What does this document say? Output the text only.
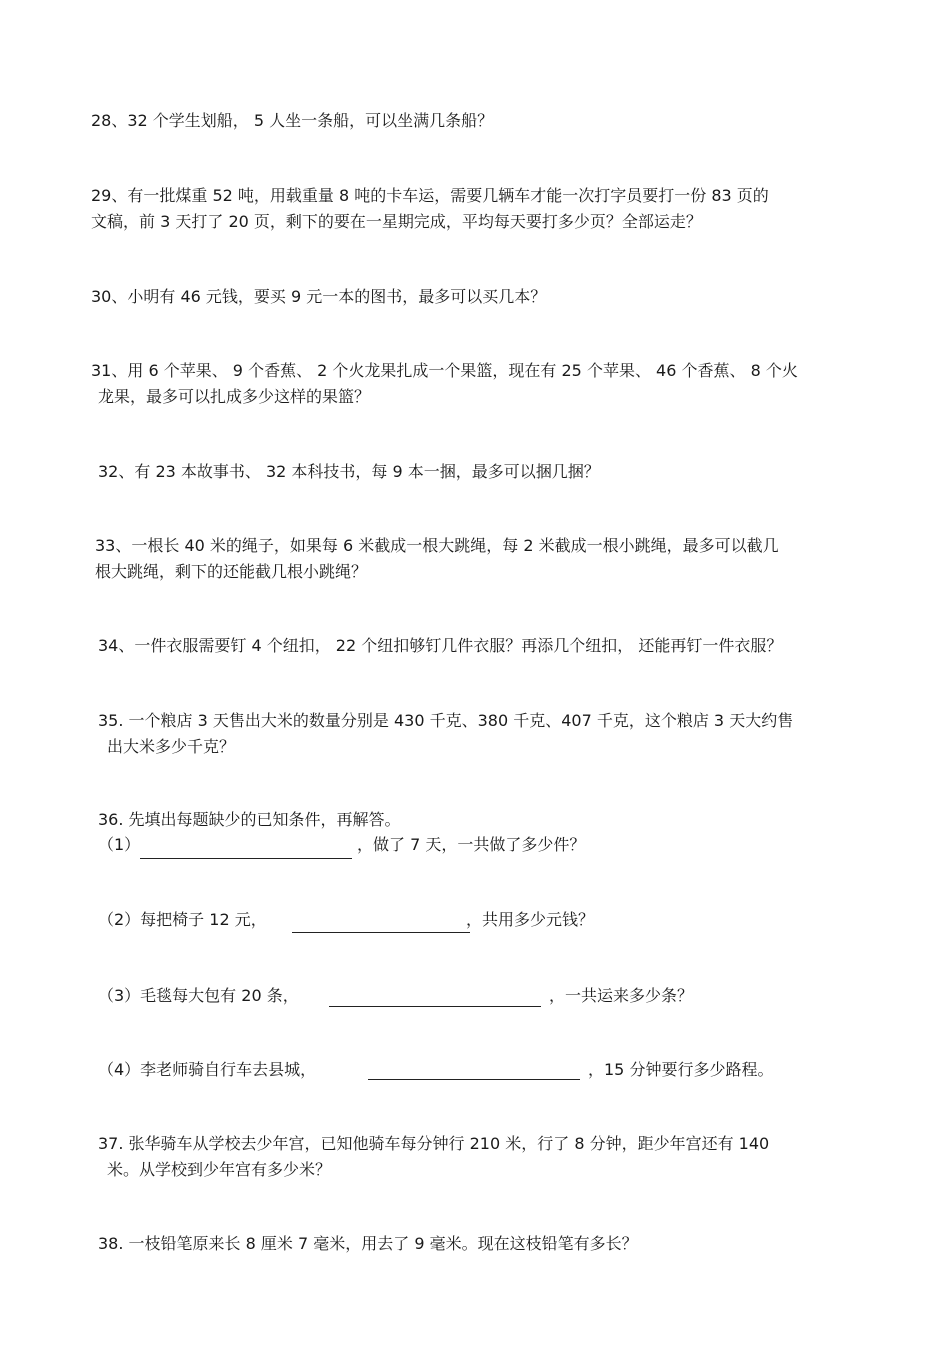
28、32 个学生划船， 5 人坐一条船，可以坐满几条船？
29、有一批煤重 52 吨，用载重量 8 吨的卡车运，需要几辆车才能一次打字员要打一份 83 页的
文稿，前 3 天打了 20 页，剩下的要在一星期完成，平均每天要打多少页？全部运走？
30、小明有 46 元钱，要买 9 元一本的图书，最多可以买几本？
31、用 6 个苹果、 9 个香蕉、 2 个火龙果扎成一个果篮，现在有 25 个苹果、 46 个香蕉、 8 个火
龙果，最多可以扎成多少这样的果篮？
32、有 23 本故事书、 32 本科技书，每 9 本一捆，最多可以捆几捆？
33、一根长 40 米的绳子，如果每 6 米截成一根大跳绳，每 2 米截成一根小跳绳，最多可以截几
根大跳绳，剩下的还能截几根小跳绳？
34、一件衣服需要钉 4 个纽扣， 22 个纽扣够钉几件衣服？再添几个纽扣， 还能再钉一件衣服？
35. 一个粮店 3 天售出大米的数量分别是 430 千克、380 千克、407 千克，这个粮店 3 天大约售
出大米多少千克？
36. 先填出每题缺少的已知条件，再解答。
（1）	，做了 7 天，一共做了多少件？
（2）每把椅子 12 元，	，共用多少元钱？
（3）毛毯每大包有 20 条，	，一共运来多少条？
（4）李老师骑自行车去县城，	，15 分钟要行多少路程。
37. 张华骑车从学校去少年宫，已知他骑车每分钟行 210 米，行了 8 分钟，距少年宫还有 140
米。从学校到少年宫有多少米？
38. 一枝铅笔原来长 8 厘米 7 毫米，用去了 9 毫米。现在这枝铅笔有多长？
